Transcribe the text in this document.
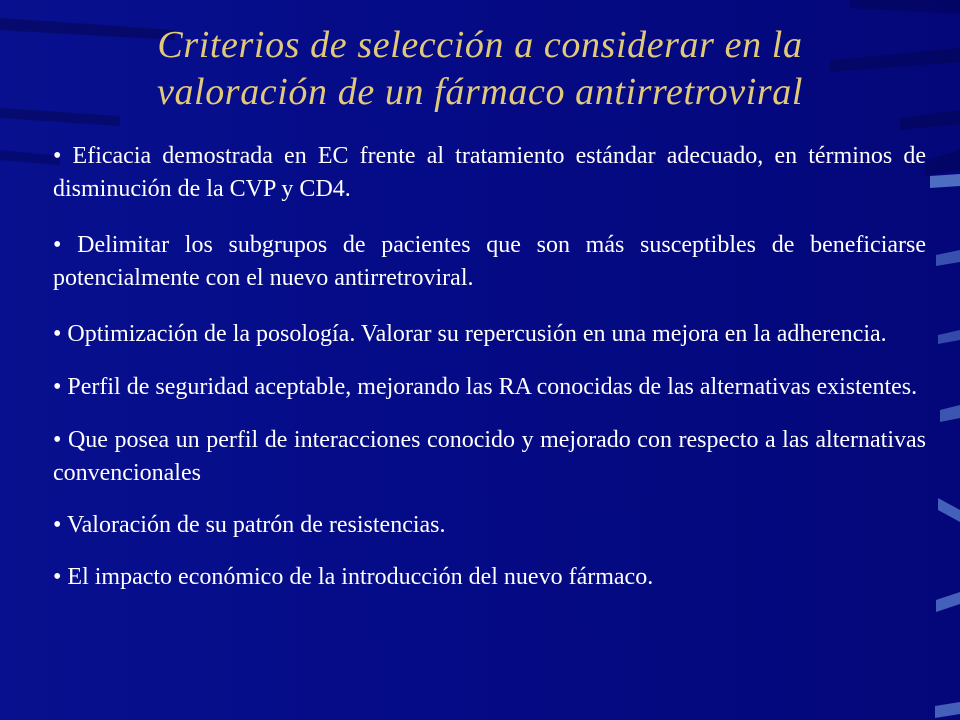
Criterios de selección a considerar en la
valoración de un fármaco antirretroviral
• Eficacia demostrada en EC frente al tratamiento estándar adecuado, en términos de disminución de la CVP y CD4.
• Delimitar los subgrupos de pacientes que son más susceptibles de beneficiarse potencialmente con el nuevo antirretroviral.
• Optimización de la posología. Valorar su repercusión en una mejora en la adherencia.
• Perfil de seguridad aceptable, mejorando las RA conocidas de las alternativas existentes.
• Que posea un perfil de interacciones conocido y mejorado con respecto a las alternativas convencionales
• Valoración de su patrón de resistencias.
• El impacto económico de la introducción del nuevo fármaco.
